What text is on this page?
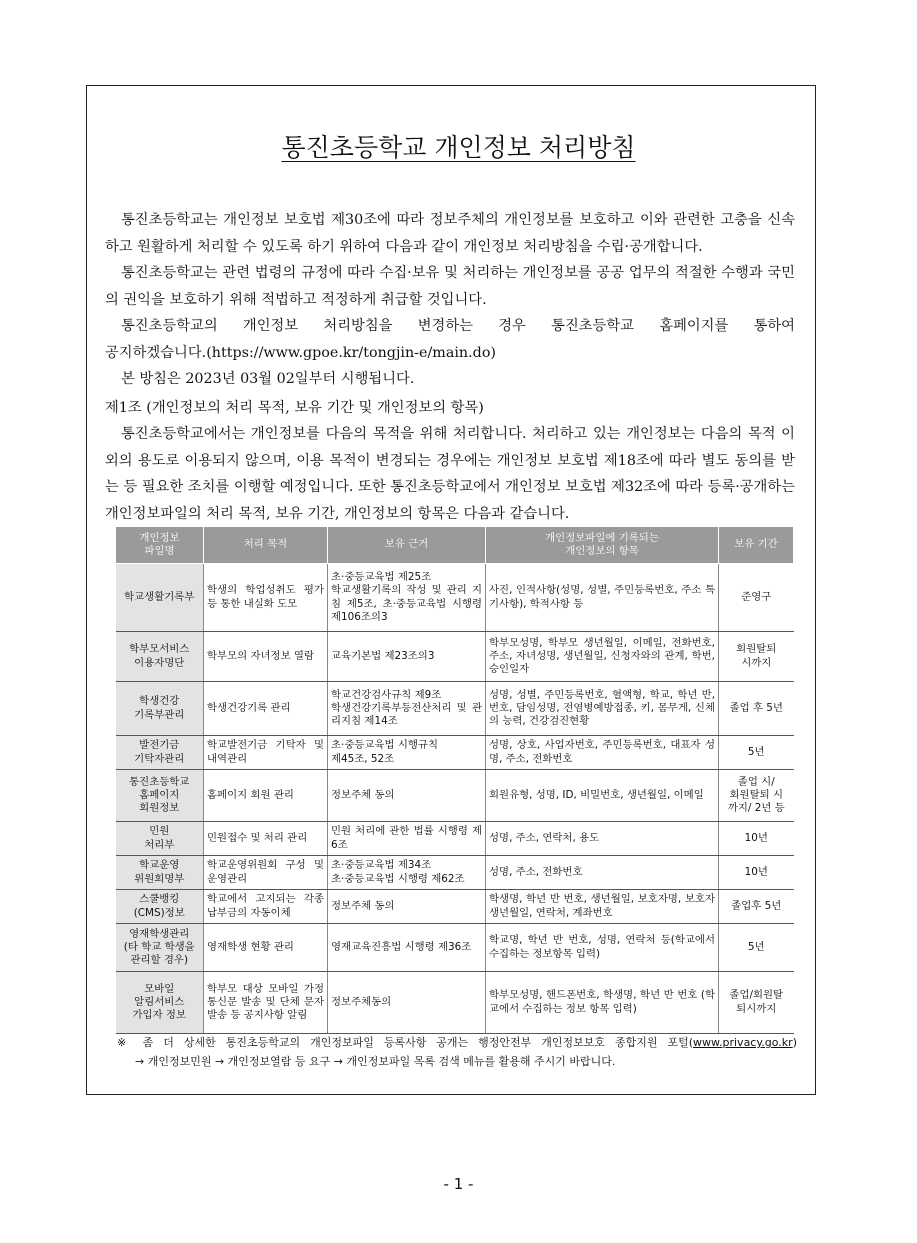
통진초등학교 개인정보 처리방침

통진초등학교는 개인정보 보호법 제30조에 따라 정보주체의 개인정보를 보호하고 이와 관련한 고충을 신속하고 원활하게 처리할 수 있도록 하기 위하여 다음과 같이 개인정보 처리방침을 수립·공개합니다.

통진초등학교는 관련 법령의 규정에 따라 수집·보유 및 처리하는 개인정보를 공공 업무의 적절한 수행과 국민의 권익을 보호하기 위해 적법하고 적정하게 취급할 것입니다.

통진초등학교의 개인정보 처리방침을 변경하는 경우 통진초등학교 홈페이지를 통하여

공지하겠습니다.(https://www.gpoe.kr/tongjin-e/main.do)

본 방침은 2023년 03월 02일부터 시행됩니다.

제1조 (개인정보의 처리 목적, 보유 기간 및 개인정보의 항목)

통진초등학교에서는 개인정보를 다음의 목적을 위해 처리합니다. 처리하고 있는 개인정보는 다음의 목적 이외의 용도로 이용되지 않으며, 이용 목적이 변경되는 경우에는 개인정보 보호법 제18조에 따라 별도 동의를 받는 등 필요한 조치를 이행할 예정입니다. 또한 통진초등학교에서 개인정보 보호법 제32조에 따라 등록·공개하는 개인정보파일의 처리 목적, 보유 기간, 개인정보의 항목은 다음과 같습니다.

개인정보
파일명	처리 목적	보유 근거	개인정보파일에 기록되는
개인정보의 항목	보유 기간
학교생활기록부	학생의 학업성취도 평가 등 통한 내실화 도모	초·중등교육법 제25조
학교생활기록의 작성 및 관리 지침 제5조, 초·중등교육법 시행령 제106조의3	사진, 인적사항(성명, 성별, 주민등록번호, 주소 특기사항), 학적사항 등	준영구
학부모서비스
이용자명단	학부모의 자녀정보 열람	교육기본법 제23조의3	학부모성명, 학부모 생년월일, 이메일, 전화번호, 주소, 자녀성명, 생년월일, 신청자와의 관계, 학번, 승인일자	회원탈퇴
시까지
학생건강
기록부관리	학생건강기록 관리	학교건강검사규칙 제9조
학생건강기록부등전산처리 및 관리지침 제14조	성명, 성별, 주민등록번호, 혈액형, 학교, 학년 반, 번호, 담임성명, 전염병예방접종, 키, 몸무게, 신체의 능력, 건강검진현황	졸업 후 5년
발전기금
기탁자관리	학교발전기금 기탁자 및 내역관리	초·중등교육법 시행규칙
제45조, 52조	성명, 상호, 사업자번호, 주민등록번호, 대표자 성명, 주소, 전화번호	5년
통진초등학교
홈페이지
회원정보	홈페이지 회원 관리	정보주체 동의	회원유형, 성명, ID, 비밀번호, 생년월일, 이메일	졸업 시/
회원탈퇴 시
까지/ 2년 등
민원
처리부	민원접수 및 처리 관리	민원 처리에 관한 법률 시행령 제6조	성명, 주소, 연락처, 용도	10년
학교운영
위원회명부	학교운영위원회 구성 및 운영관리	초·중등교육법 제34조
초·중등교육법 시행령 제62조	성명, 주소, 전화번호	10년
스쿨뱅킹
(CMS)정보	학교에서 고지되는 각종 납부금의 자동이체	정보주체 동의	학생명, 학년 반 번호, 생년월일, 보호자명, 보호자생년월일, 연락처, 계좌번호	졸업후 5년
영재학생관리
(타 학교 학생을
관리할 경우)	영재학생 현황 관리	영재교육진흥법 시행령 제36조	학교명, 학년 반 번호, 성명, 연락처 등(학교에서 수집하는 정보항목 입력)	5년
모바일
알림서비스
가입자 정보	학부모 대상 모바일 가정통신문 발송 및 단체 문자발송 등 공지사항 알림	정보주체동의	학부모성명, 핸드폰번호, 학생명, 학년 반 번호 (학교에서 수집하는 정보 항목 입력)	졸업/회원탈
퇴시까지
※ 좀 더 상세한 통진초등학교의 개인정보파일 등록사항 공개는 행정안전부 개인정보보호 종합지원 포털(www.privacy.go.kr)
→ 개인정보민원 → 개인정보열람 등 요구 → 개인정보파일 목록 검색 메뉴를 활용해 주시기 바랍니다.
- 1 -
